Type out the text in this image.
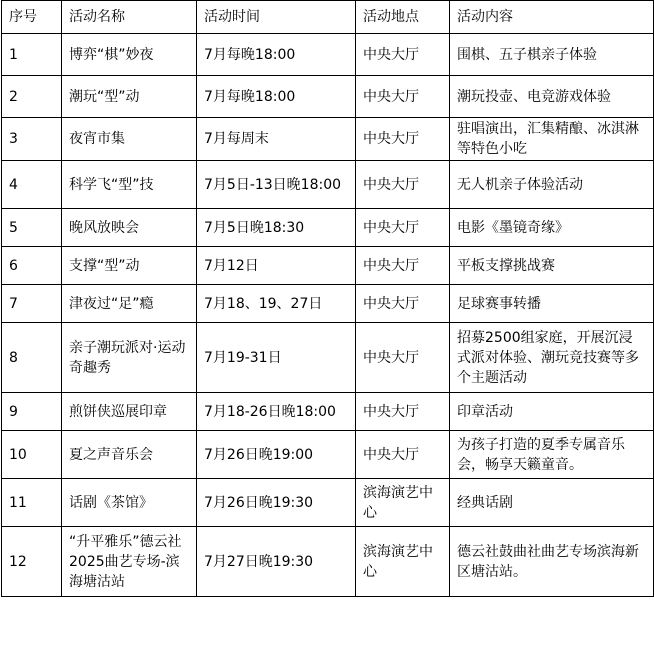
序号	活动名称	活动时间	活动地点	活动内容
1	博弈“棋”妙夜	7月每晚18:00	中央大厅	围棋、五子棋亲子体验
2	潮玩“型”动	7月每晚18:00	中央大厅	潮玩投壶、电竞游戏体验
3	夜宵市集	7月每周末	中央大厅	驻唱演出，汇集精酿、冰淇淋等特色小吃
4	科学飞“型”技	7月5日-13日晚18:00	中央大厅	无人机亲子体验活动
5	晚风放映会	7月5日晚18:30	中央大厅	电影《墨镜奇缘》
6	支撑“型”动	7月12日	中央大厅	平板支撑挑战赛
7	津夜过“足”瘾	7月18、19、27日	中央大厅	足球赛事转播
8	亲子潮玩派对·运动奇趣秀	7月19-31日	中央大厅	招募2500组家庭，开展沉浸式派对体验、潮玩竞技赛等多个主题活动
9	煎饼侠巡展印章	7月18-26日晚18:00	中央大厅	印章活动
10	夏之声音乐会	7月26日晚19:00	中央大厅	为孩子打造的夏季专属音乐会，畅享天籁童音。
11	话剧《茶馆》	7月26日晚19:30	滨海演艺中心	经典话剧
12	“升平雅乐”德云社2025曲艺专场-滨海塘沽站	7月27日晚19:30	滨海演艺中心	德云社鼓曲社曲艺专场滨海新区塘沽站。
